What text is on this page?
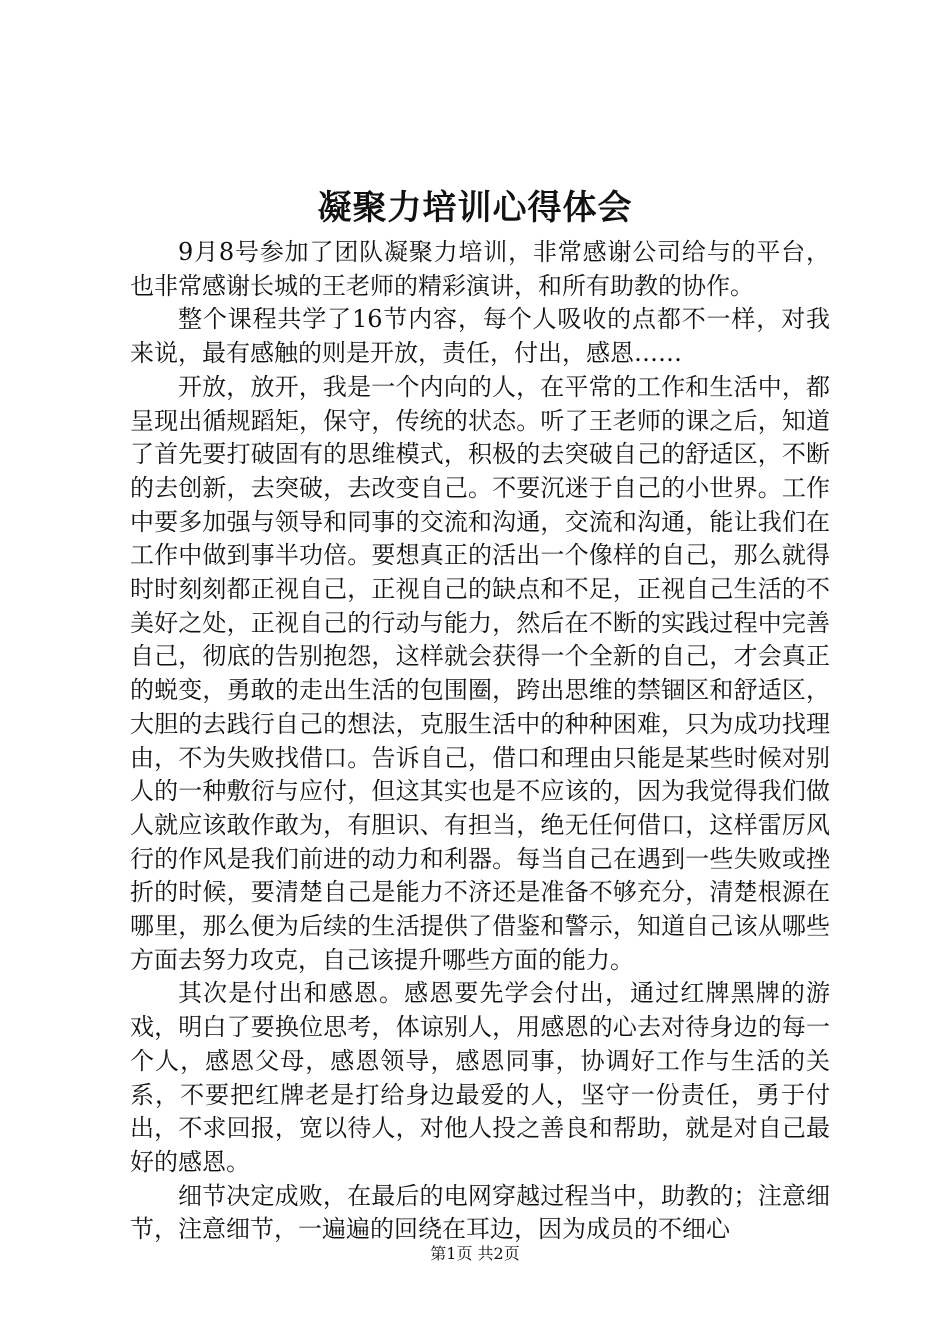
凝聚力培训心得体会

9月8号参加了团队凝聚力培训，非常感谢公司给与的平台，也非常感谢长城的王老师的精彩演讲，和所有助教的协作。

整个课程共学了16节内容，每个人吸收的点都不一样，对我来说，最有感触的则是开放，责任，付出，感恩……

开放，放开，我是一个内向的人，在平常的工作和生活中，都呈现出循规蹈矩，保守，传统的状态。听了王老师的课之后，知道了首先要打破固有的思维模式，积极的去突破自己的舒适区，不断的去创新，去突破，去改变自己。不要沉迷于自己的小世界。工作中要多加强与领导和同事的交流和沟通，交流和沟通，能让我们在工作中做到事半功倍。要想真正的活出一个像样的自己，那么就得时时刻刻都正视自己，正视自己的缺点和不足，正视自己生活的不美好之处，正视自己的行动与能力，然后在不断的实践过程中完善自己，彻底的告别抱怨，这样就会获得一个全新的自己，才会真正的蜕变，勇敢的走出生活的包围圈，跨出思维的禁锢区和舒适区，大胆的去践行自己的想法，克服生活中的种种困难，只为成功找理由，不为失败找借口。告诉自己，借口和理由只能是某些时候对别人的一种敷衍与应付，但这其实也是不应该的，因为我觉得我们做人就应该敢作敢为，有胆识、有担当，绝无任何借口，这样雷厉风行的作风是我们前进的动力和利器。每当自己在遇到一些失败或挫折的时候，要清楚自己是能力不济还是准备不够充分，清楚根源在哪里，那么便为后续的生活提供了借鉴和警示，知道自己该从哪些方面去努力攻克，自己该提升哪些方面的能力。

其次是付出和感恩。感恩要先学会付出，通过红牌黑牌的游戏，明白了要换位思考，体谅别人，用感恩的心去对待身边的每一个人，感恩父母，感恩领导，感恩同事，协调好工作与生活的关系，不要把红牌老是打给身边最爱的人，坚守一份责任，勇于付出，不求回报，宽以待人，对他人投之善良和帮助，就是对自己最好的感恩。

细节决定成败，在最后的电网穿越过程当中，助教的；注意细节，注意细节，一遍遍的回绕在耳边，因为成员的不细心

第1页 共2页
